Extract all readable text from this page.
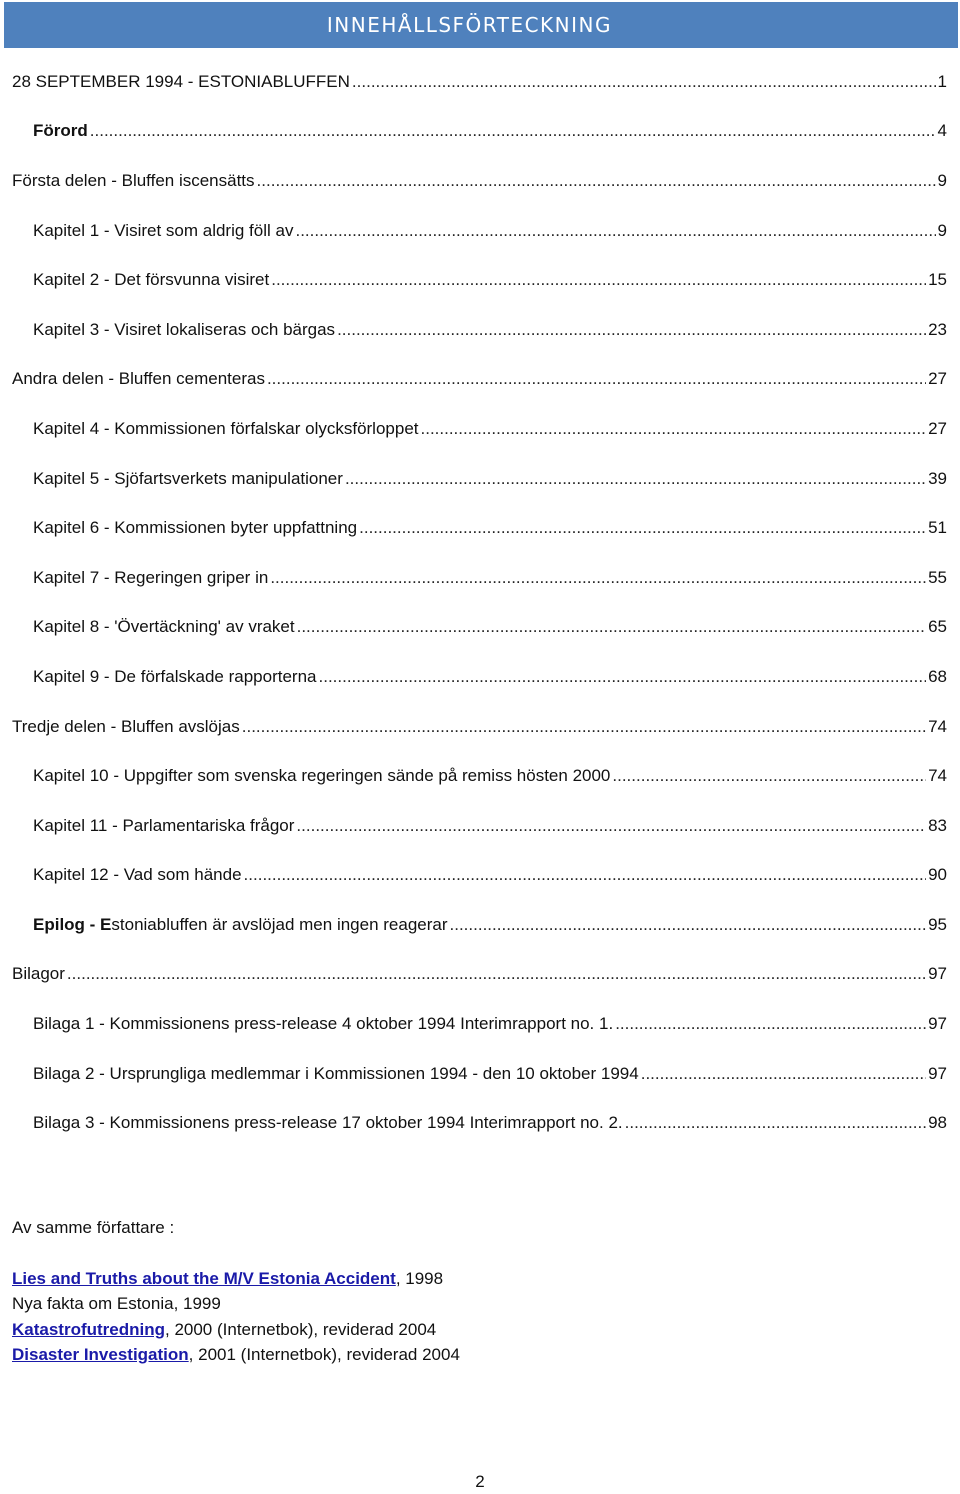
INNEHÅLLSFÖRTECKNING
28 SEPTEMBER 1994 - ESTONIABLUFFEN .....	1
Förord .....	4
Första delen - Bluffen iscensätts .....	9
Kapitel 1 - Visiret som aldrig föll av .....	9
Kapitel 2 - Det försvunna visiret .....	15
Kapitel 3 - Visiret lokaliseras och bärgas .....	23
Andra delen - Bluffen cementeras .....	27
Kapitel 4 - Kommissionen förfalskar olycksförloppet .....	27
Kapitel 5 - Sjöfartsverkets manipulationer .....	39
Kapitel 6 - Kommissionen byter uppfattning .....	51
Kapitel 7 - Regeringen griper in .....	55
Kapitel 8 - 'Övertäckning' av vraket .....	65
Kapitel 9 - De förfalskade rapporterna .....	68
Tredje delen - Bluffen avslöjas .....	74
Kapitel 10 - Uppgifter som svenska regeringen sände på remiss hösten 2000 .....	74
Kapitel 11 - Parlamentariska frågor .....	83
Kapitel 12 - Vad som hände .....	90
Epilog - Estoniabluffen är avslöjad men ingen reagerar .....	95
Bilagor .....	97
Bilaga 1 - Kommissionens press-release 4 oktober 1994 Interimrapport no. 1. .....	97
Bilaga 2 - Ursprungliga medlemmar i Kommissionen 1994 - den 10 oktober 1994 .....	97
Bilaga 3 - Kommissionens press-release 17 oktober 1994 Interimrapport no. 2. .....	98
Av samme författare :
Lies and Truths about the M/V Estonia Accident, 1998
Nya fakta om Estonia, 1999
Katastrofutredning, 2000 (Internetbok), reviderad 2004
Disaster Investigation, 2001 (Internetbok), reviderad 2004
2
